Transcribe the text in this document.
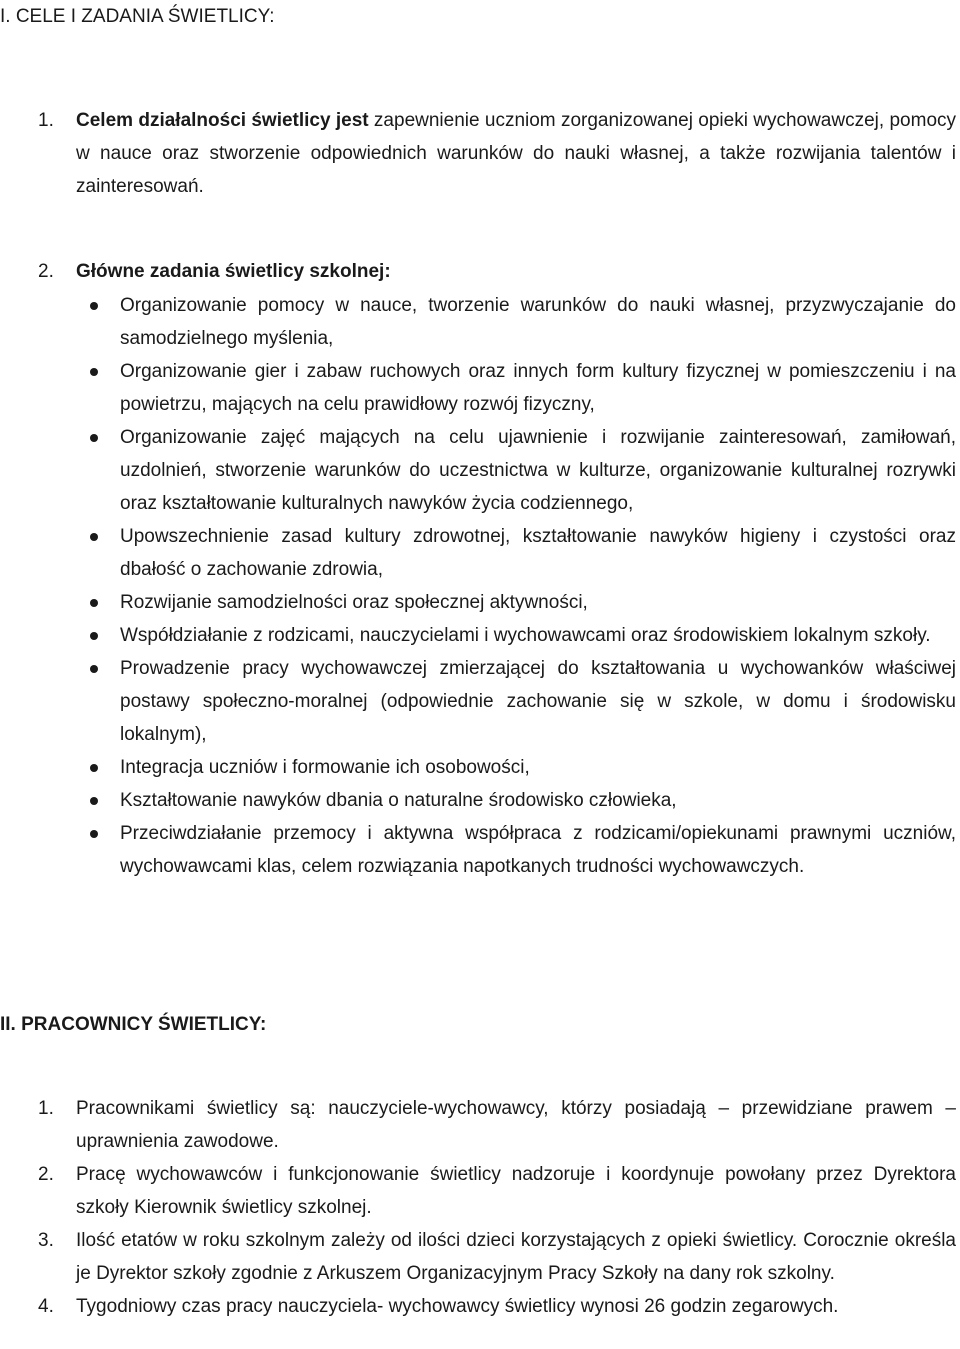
I. CELE I ZADANIA ŚWIETLICY:
1. Celem działalności świetlicy jest zapewnienie uczniom zorganizowanej opieki wychowawczej, pomocy w nauce oraz stworzenie odpowiednich warunków do nauki własnej, a także rozwijania talentów i zainteresowań.

2. Główne zadania świetlicy szkolnej:

Organizowanie pomocy w nauce, tworzenie warunków do nauki własnej, przyzwyczajanie do samodzielnego myślenia,
Organizowanie gier i zabaw ruchowych oraz innych form kultury fizycznej w pomieszczeniu i na powietrzu, mających na celu prawidłowy rozwój fizyczny,
Organizowanie zajęć mających na celu ujawnienie i rozwijanie zainteresowań, zamiłowań, uzdolnień, stworzenie warunków do uczestnictwa w kulturze, organizowanie kulturalnej rozrywki oraz kształtowanie kulturalnych nawyków życia codziennego,
Upowszechnienie zasad kultury zdrowotnej, kształtowanie nawyków higieny i czystości oraz dbałość o zachowanie zdrowia,
Rozwijanie samodzielności oraz społecznej aktywności,
Współdziałanie z rodzicami, nauczycielami i wychowawcami oraz środowiskiem lokalnym szkoły.
Prowadzenie pracy wychowawczej zmierzającej do kształtowania u wychowanków właściwej postawy społeczno-moralnej (odpowiednie zachowanie się w szkole, w domu i środowisku lokalnym),
Integracja uczniów i formowanie ich osobowości,
Kształtowanie nawyków dbania o naturalne środowisko człowieka,
Przeciwdziałanie przemocy i aktywna współpraca z rodzicami/opiekunami prawnymi uczniów, wychowawcami klas, celem rozwiązania napotkanych trudności wychowawczych.
II. PRACOWNICY ŚWIETLICY:
1. Pracownikami świetlicy są: nauczyciele-wychowawcy, którzy posiadają – przewidziane prawem – uprawnienia zawodowe.
2. Pracę wychowawców i funkcjonowanie świetlicy nadzoruje i koordynuje powołany przez Dyrektora szkoły Kierownik świetlicy szkolnej.
3. Ilość etatów w roku szkolnym zależy od ilości dzieci korzystających z opieki świetlicy. Corocznie określa je Dyrektor szkoły zgodnie z Arkuszem Organizacyjnym Pracy Szkoły na dany rok szkolny.
4. Tygodniowy czas pracy nauczyciela- wychowawcy świetlicy wynosi 26 godzin zegarowych.
